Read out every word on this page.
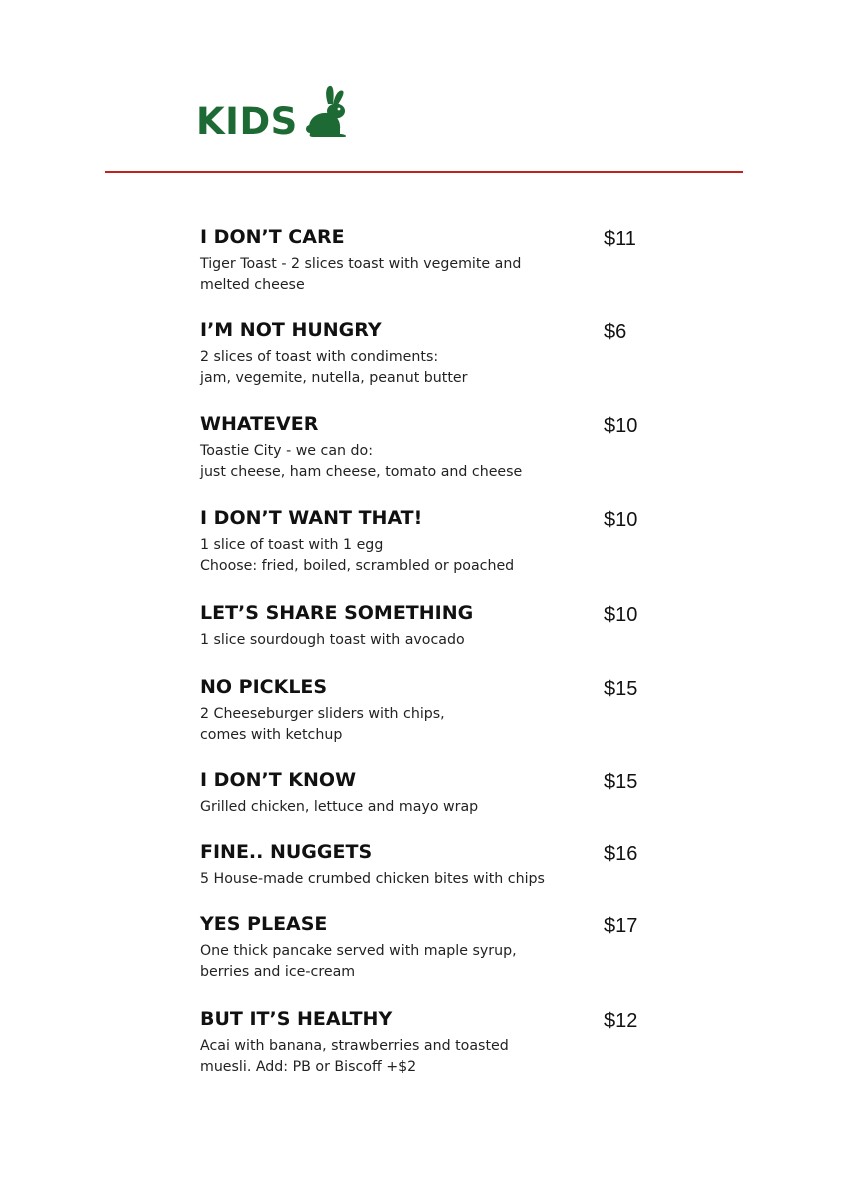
KIDS
I DON’T CARE	$11

Tiger Toast - 2 slices toast with vegemite and
melted cheese

I’M NOT HUNGRY	$6

2 slices of toast with condiments:
jam, vegemite, nutella, peanut butter

WHATEVER	$10

Toastie City - we can do:
just cheese, ham cheese, tomato and cheese

I DON’T WANT THAT!	$10

1 slice of toast with 1 egg
Choose: fried, boiled, scrambled or poached

LET’S SHARE SOMETHING	$10

1 slice sourdough toast with avocado

NO PICKLES	$15

2 Cheeseburger sliders with chips,
comes with ketchup

I DON’T KNOW	$15

Grilled chicken, lettuce and mayo wrap

FINE.. NUGGETS	$16

5 House-made crumbed chicken bites with chips

YES PLEASE	$17

One thick pancake served with maple syrup,
berries and ice-cream

BUT IT’S HEALTHY	$12

Acai with banana, strawberries and toasted
muesli. Add: PB or Biscoff +$2
